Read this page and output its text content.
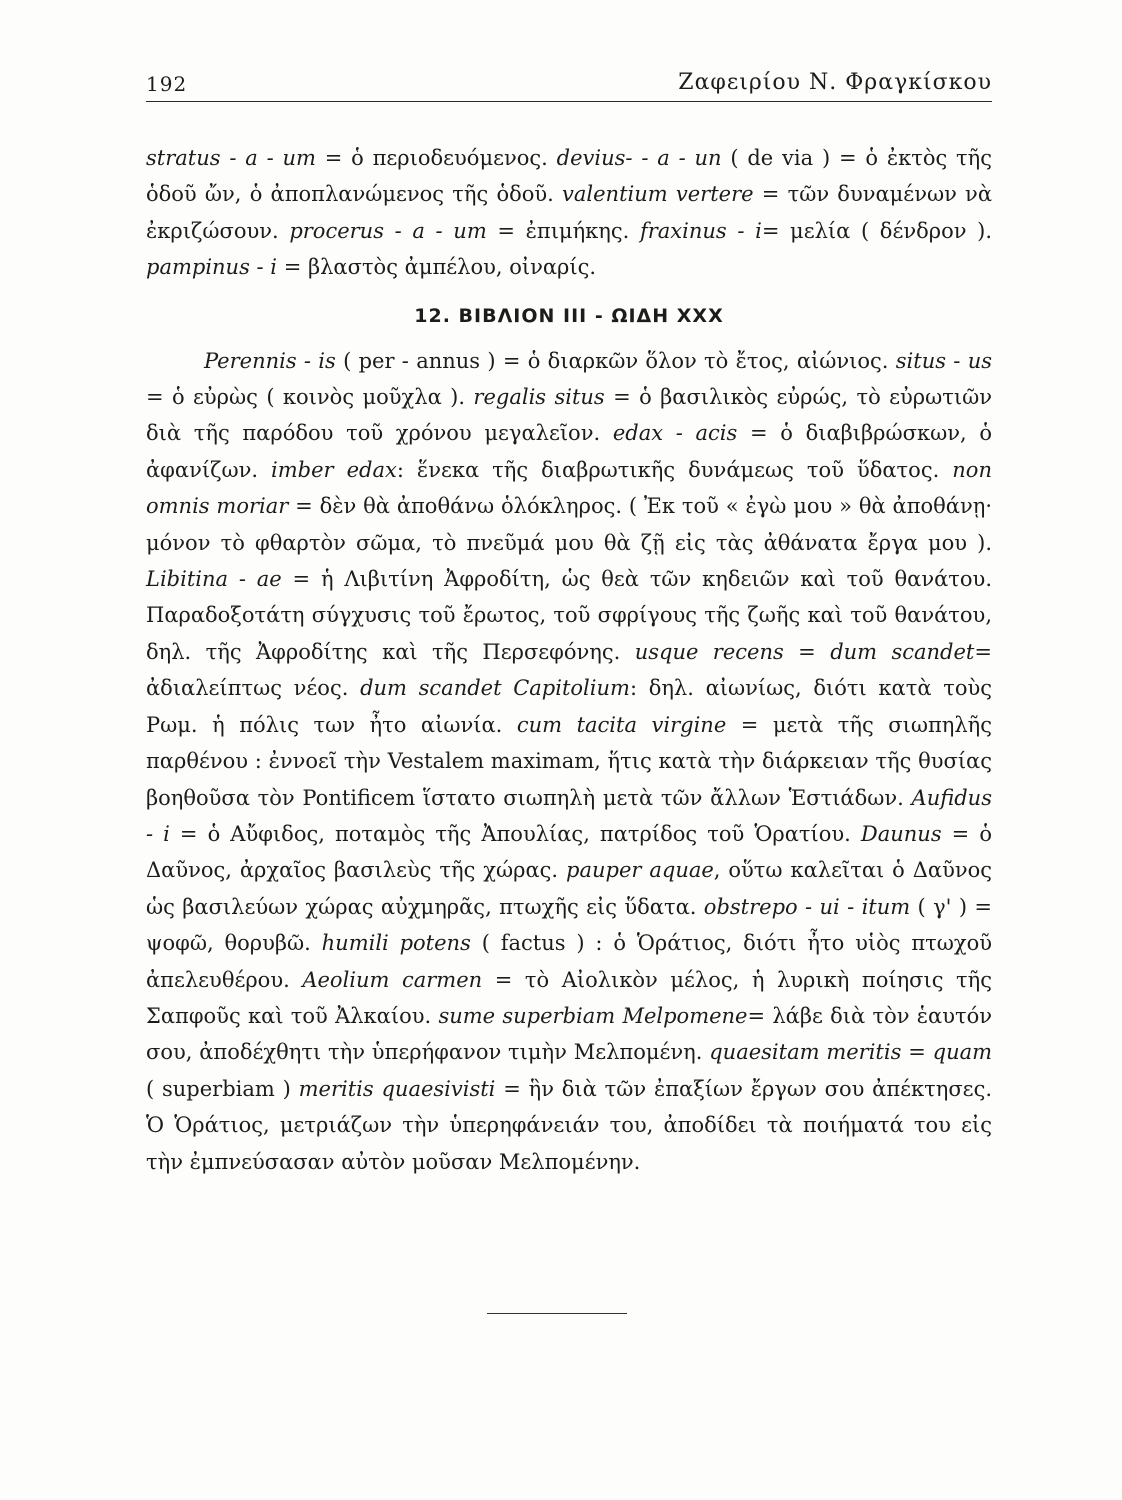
192	Ζαφειρίου Ν. Φραγκίσκου

stratus - a - um = ὁ περιοδευόμενος. devius- - a - un ( de via ) = ὁ ἐκτὸς τῆς ὁδοῦ ὤν, ὁ ἀποπλανώμενος τῆς ὁδοῦ. valentium vertere = τῶν δυναμένων νὰ ἐκριζώσουν. procerus - a - um = ἐπιμήκης. fraxinus - i= μελία ( δένδρον ). pampinus - i = βλαστὸς ἀμπέλου, οἰναρίς.

12. ΒΙΒΛΙΟΝ III - ΩΙΔΗ XXX

Perennis - is ( per - annus ) = ὁ διαρκῶν ὅλον τὸ ἔτος, αἰώνιος. situs - us = ὁ εὐρὼς ( κοινὸς μοῦχλα ). regalis situs = ὁ βασιλικὸς εὐρώς, τὸ εὐρωτιῶν διὰ τῆς παρόδου τοῦ χρόνου μεγαλεῖον. edax - acis = ὁ διαβιβρώσκων, ὁ ἀφανίζων. imber edax: ἕνεκα τῆς διαβρωτικῆς δυνάμεως τοῦ ὕδατος. non omnis moriar = δὲν θὰ ἀποθάνω ὁλόκληρος. ( Ἐκ τοῦ « ἐγὼ μου » θὰ ἀποθάνῃ· μόνον τὸ φθαρτὸν σῶμα, τὸ πνεῦμά μου θὰ ζῇ εἰς τὰς ἀθάνατα ἔργα μου ). Libitina - ae = ἡ Λιβιτίνη Ἀφροδίτη, ὡς θεὰ τῶν κηδειῶν καὶ τοῦ θανάτου. Παραδοξοτάτη σύγχυσις τοῦ ἔρωτος, τοῦ σφρίγους τῆς ζωῆς καὶ τοῦ θανάτου, δηλ. τῆς Ἀφροδίτης καὶ τῆς Περσεφόνης. usque recens = dum scandet= ἀδιαλείπτως νέος. dum scandet Capitolium: δηλ. αἰωνίως, διότι κατὰ τοὺς Ρωμ. ἡ πόλις των ἦτο αἰωνία. cum tacita virgine = μετὰ τῆς σιωπηλῆς παρθένου : ἐννοεῖ τὴν Vestalem maximam, ἥτις κατὰ τὴν διάρκειαν τῆς θυσίας βοηθοῦσα τὸν Pontificem ἵστατο σιωπηλὴ μετὰ τῶν ἄλλων Ἑστιάδων. Aufidus - i = ὁ Αὔφιδος, ποταμὸς τῆς Ἀπουλίας, πατρίδος τοῦ Ὁρατίου. Daunus = ὁ Δαῦνος, ἀρχαῖος βασιλεὺς τῆς χώρας. pauper aquae, οὕτω καλεῖται ὁ Δαῦνος ὡς βασιλεύων χώρας αὐχμηρᾶς, πτωχῆς εἰς ὕδατα. obstrepo - ui - itum ( γ' ) = ψοφῶ, θορυβῶ. humili potens ( factus ) : ὁ Ὁράτιος, διότι ἦτο υἱὸς πτωχοῦ ἀπελευθέρου. Aeolium carmen = τὸ Αἰολικὸν μέλος, ἡ λυρικὴ ποίησις τῆς Σαπφοῦς καὶ τοῦ Ἀλκαίου. sume superbiam Melpomene= λάβε διὰ τὸν ἑαυτόν σου, ἀποδέχθητι τὴν ὑπερήφανον τιμὴν Μελπομένη. quaesitam meritis = quam ( superbiam ) meritis quaesivisti = ἣν διὰ τῶν ἐπαξίων ἔργων σου ἀπέκτησες. Ὁ Ὁράτιος, μετριάζων τὴν ὑπερηφάνειάν του, ἀποδίδει τὰ ποιήματά του εἰς τὴν ἐμπνεύσασαν αὐτὸν μοῦσαν Μελπομένην.
